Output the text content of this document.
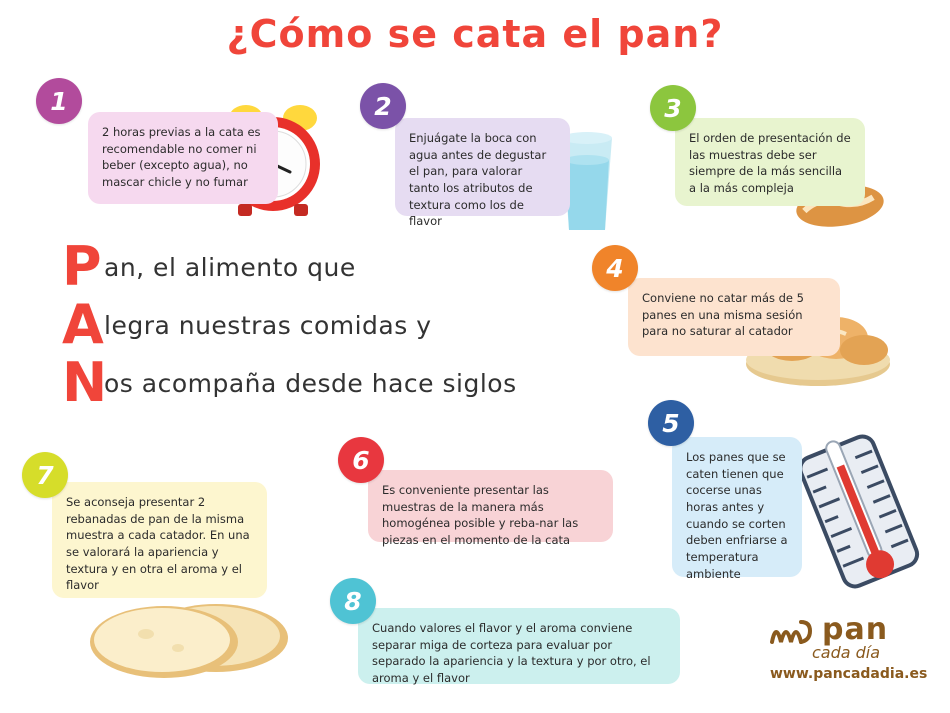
¿Cómo se cata el pan?

2 horas previas a la cata es recomendable no comer ni beber (excepto agua), no mascar chicle y no fumar

1

Enjuágate la boca con agua antes de degustar el pan, para valorar tanto los atributos de textura como los de flavor

2

El orden de presentación de las muestras debe ser siempre de la más sencilla a la más compleja

3

Conviene no catar más de 5 panes en una misma sesión para no saturar al catador

4

Los panes que se caten tienen que cocerse unas horas antes y cuando se corten deben enfriarse a temperatura ambiente

5

Es conveniente presentar las muestras de la manera más homogénea posible y reba-nar las piezas en el momento de la cata

6

Se aconseja presentar 2 rebanadas de pan de la misma muestra a cada catador. En una se valorará la apariencia y textura y en otra el aroma y el flavor

7

Cuando valores el flavor y el aroma conviene separar miga de corteza para evaluar por separado la apariencia y la textura y por otro, el aroma y el flavor

8
P an, el alimento que
A legra nuestras comidas y
N
os acompaña desde hace siglos
pan
cada día
www.pancadadia.es
